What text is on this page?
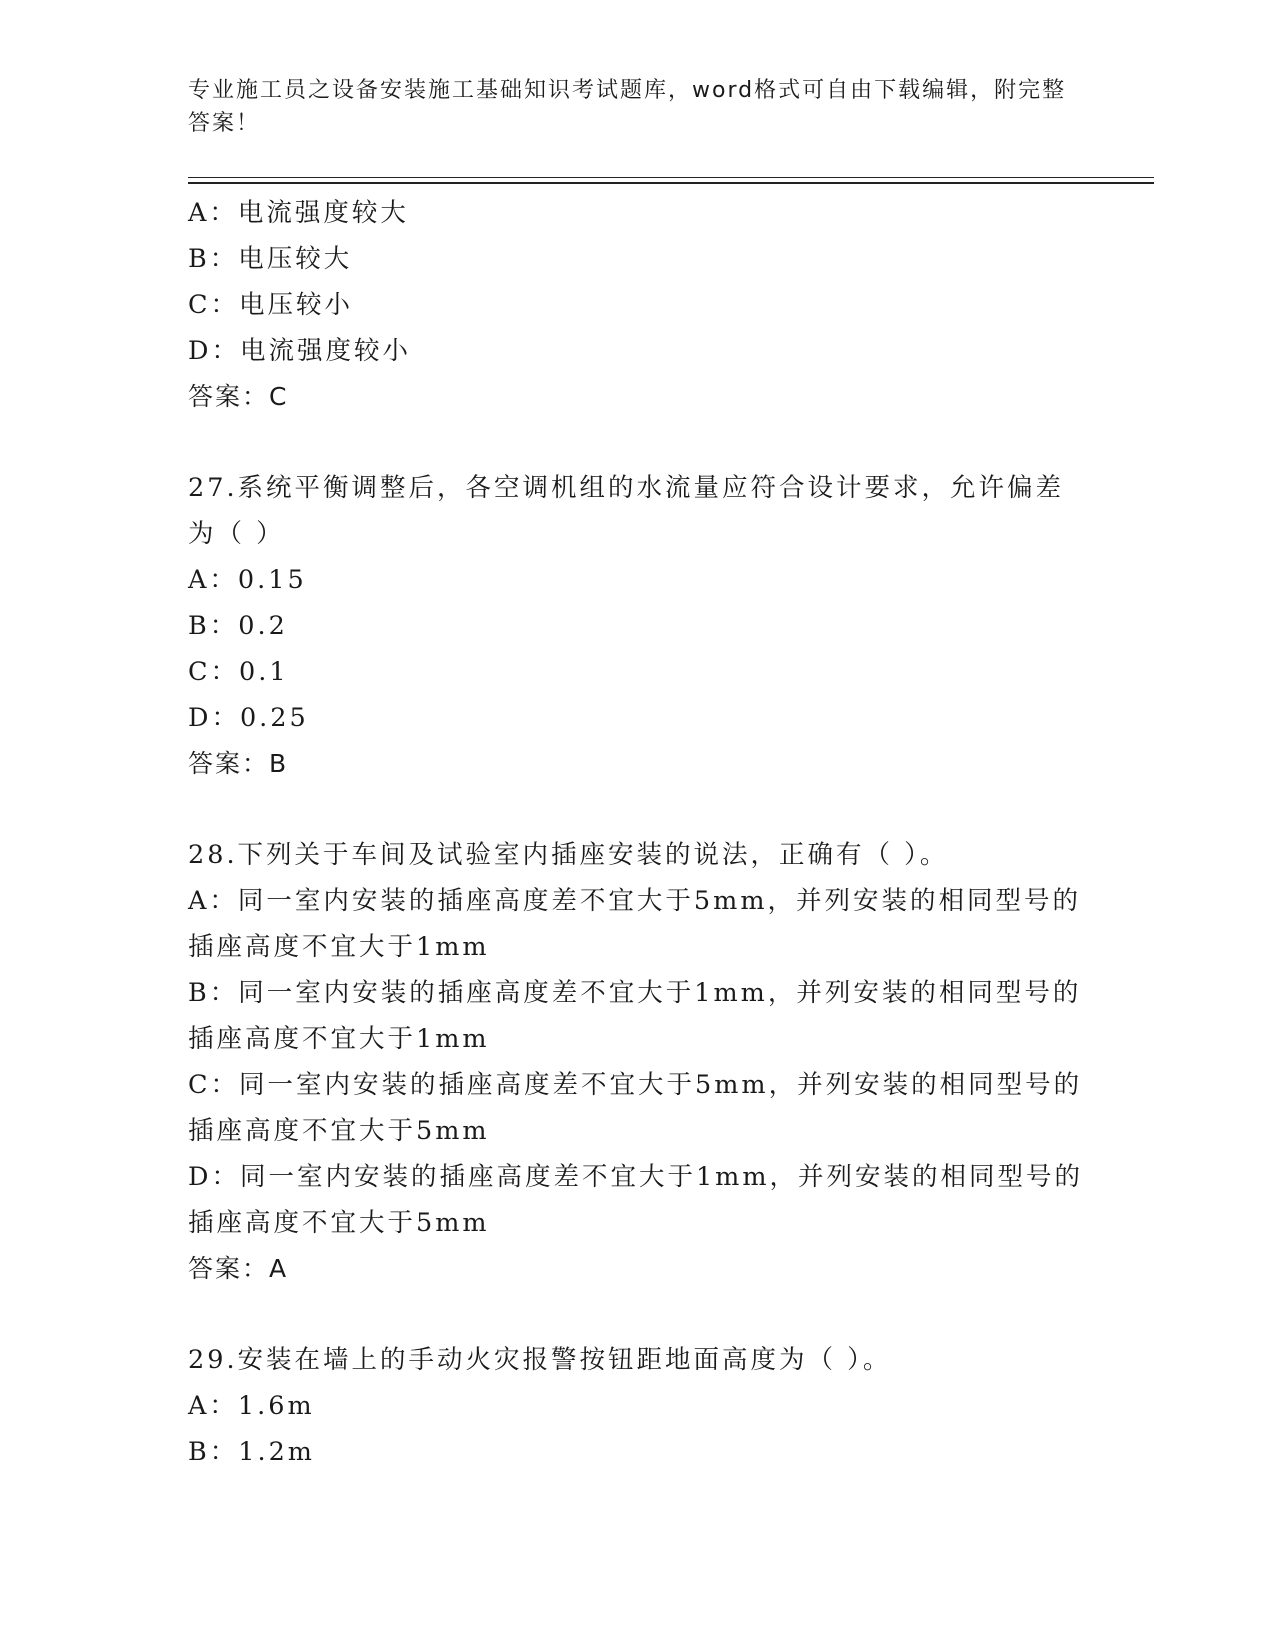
专业施工员之设备安装施工基础知识考试题库，word格式可自由下载编辑，附完整答案！
A：电流强度较大
B：电压较大
C：电压较小
D：电流强度较小
答案：C
27.系统平衡调整后，各空调机组的水流量应符合设计要求，允许偏差
为（ ）
A：0.15
B：0.2
C：0.1
D：0.25
答案：B
28.下列关于车间及试验室内插座安装的说法，正确有（ ）。
A：同一室内安装的插座高度差不宜大于5mm，并列安装的相同型号的
插座高度不宜大于1mm
B：同一室内安装的插座高度差不宜大于1mm，并列安装的相同型号的
插座高度不宜大于1mm
C：同一室内安装的插座高度差不宜大于5mm，并列安装的相同型号的
插座高度不宜大于5mm
D：同一室内安装的插座高度差不宜大于1mm，并列安装的相同型号的
插座高度不宜大于5mm
答案：A
29.安装在墙上的手动火灾报警按钮距地面高度为（ ）。
A：1.6m
B：1.2m
